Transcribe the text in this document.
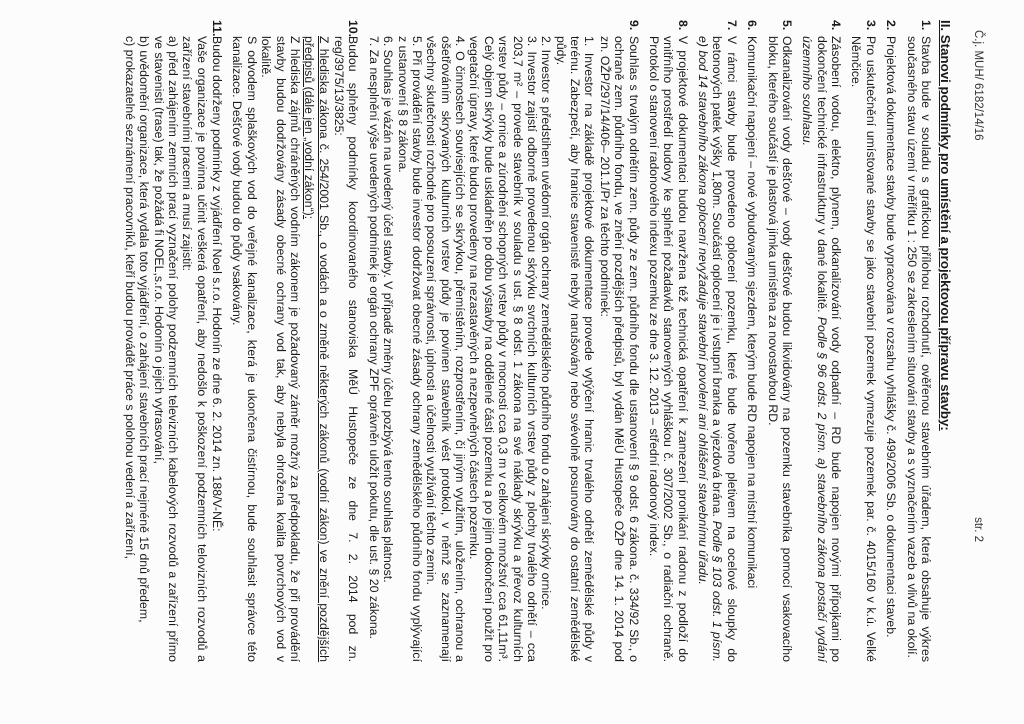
Č.j. MUH/ 6182/14/16
str. 2
II. Stanovi podmínky pro umístění a projektovou přípravu stavby:
1.
Stavba bude v souladu s grafickou přílohou rozhodnutí, ověřenou stavebním úřadem, která obsahuje výkres současného stavu území v měřítku 1 : 250 se zakreslením situování stavby a s vyznačením vazeb a vlivů na okolí.
2.
Projektová dokumentace stavby bude vypracována v rozsahu vyhlášky č. 499/2006 Sb. o dokumentaci staveb.
3.
Pro uskutečnění umístované stavby se jako stavební pozemek vymezuje pozemek par. č. 4015/160 v k.ú. Velké Němčice.
4.
Zásobení vodou, elektro, plynem, odkanalizování vody odpadní – RD bude napojen novými přípojkami po dokončení technické infrastruktury v dané lokalitě. Podle § 96 odst. 2 písm. a) stavebního zákona postačí vydání územního souhlasu.
5.
Odkanalizování vody dešťové – vody dešťové budou likvidovány na pozemku stavebníka pomocí vsakovacího bloku, kterého součástí je plastová jímka umístěna za novostavbou RD.
6.
Komunikační napojení – nové vybudovaným sjezdem, kterým bude RD napojen na místní komunikaci
7.
V rámci stavby bude provedeno oplocení pozemku, které bude tvořeno pletivem na ocelové sloupky do betonových patek výšky 1,80m. Součástí oplocení je i vstupní branka a vjezdová brána. Podle § 103 odst. 1 písm. e) bod 14 stavebního zákona oplocení nevyžaduje stavební povolení ani ohlášení stavebnímu úřadu.
8.
V projektové dokumentaci budou navržena též technická opatření k zamezení pronikání radonu z podloží do vnitřního prostředí budovy ke splnění požadavků stanovených vyhláškou č. 307/2002 Sb., o radiační ochraně. Protokol o stanovení radonového indexu pozemku ze dne 3. 12. 2013 – střední radonový index.
9.
Souhlas s trvalým odnětím zem. půdy ze zem. půdního fondu dle ustanovení § 9 odst. 6 zákona. č. 334/92 Sb., o ochraně zem. půdního fondu, ve znění pozdějších předpisů, byl vydán MěÚ Hustopeče OŽP dne 14. 1. 2014 pod zn. OŽP/297/14/406– 201.1/Pr za těchto podmínek:
1. Investor na základě projektové dokumentace provede vytýčení hranic trvalého odnětí zemědělské půdy v terénu. Zabezpečí, aby hranice stavenistě nebyly narušovány nebo svévolně posunovány do ostatní zemědělské půdy.
2. Investor s předstihem uvědomí orgán ochrany zemědělského půdního fondu o zahájení skrývky ornice.
3. Investor zajistí odborně provedenou skrývku svrchních kulturních vrstev půdy z plochy trvalého odnětí – cca 203,7 m² – provede stavebník v souladu s ust. § 8 odst. 1 zákona na své náklady skrývku a převoz kulturních vrstev půdy – ornice a zúrodnění schopných vrstev půdy v mocnosti cca 0,3 m v celkovém množství cca 61,11m³. Celý objem skrývky bude uskladněn po dobu výstavby na oddělené části pozemku a po jejím dokončení použit pro vegetační úpravy, které budou provedeny na nezastavěných a nezpevněných částech pozemku.
4. O činnostech souvisejících se skrývkou, přemístěním, rozprostřením, či jiným využitím, uložením, ochranou a ošetřováním skrývaných kulturních vrstev půdy je povinen stavebník vést protokol, v němž se zaznamenají všechny skutečnosti rozhodné pro posouzení správnosti, úplnosti a účelnosti využívání těchto zemin.
5. Při provádění stavby bude investor dodržovat obecné zásady ochrany zemědělského půdního fondu vyplývající z ustanovení § 8 zákona.
6. Souhlas je vázán na uvedený účel stavby. V případě změny účelu pozbývá tento souhlas platnost.
7. Za nesplnění výše uvedených podmínek je orgán ochrany ZPF oprávněn uložit pokutu, dle ust. § 20 zákona.
10.
Budou splněny podmínky koordinovaného stanoviska MěÚ Hustopeče ze dne 7. 2. 2014 pod zn. reg/3975/13/3825:
Z hlediska zákona č. 254/2001 Sb., o vodách a o změně některých zákonů (vodní zákon) ve znění pozdějších předpisů (dále jen „vodní zákon“):
Z hlediska zájmů chráněných vodním zákonem je požadovaný záměr možný za předpokladu, že při provádění stavby budou dodržovány zásady obecné ochrany vod tak, aby nebyla ohrožena kvalita povrchových vod v lokalitě.
S odvodem splaškových vod do veřejné kanalizace, která je ukončena čistírnou, bude souhlasit správce této kanalizace. Dešťové vody budou do půdy vsakovány.
11.
Budou dodrženy podmínky z vyjádření Noel s.r.o. Hodonín ze dne 6. 2. 2014 zn. 188/V-NĚ:
Vaše organizace je povinna učinit veškerá opatření, aby nedošlo k poškození podzemních telovizních rozvodů a zařízení stavebními pracemi a musí zajistit:
a) před zahájením zemních prací vyznačení polohy podzemních televizních kabelových rozvodů a zařízení přímo ve stavenisti (trase) tak, že požádá fi NOEL,s.r.o. Hodonín o jejich vytrasování,
b) uvědomění organizace, která vydala toto vyjádření, o zahájení stavebních prací nejméně 15 dnů předem,
c) prokazatelné seznámení pracovníků, kteří budou provádět práce s polohou vedení a zařízení,
